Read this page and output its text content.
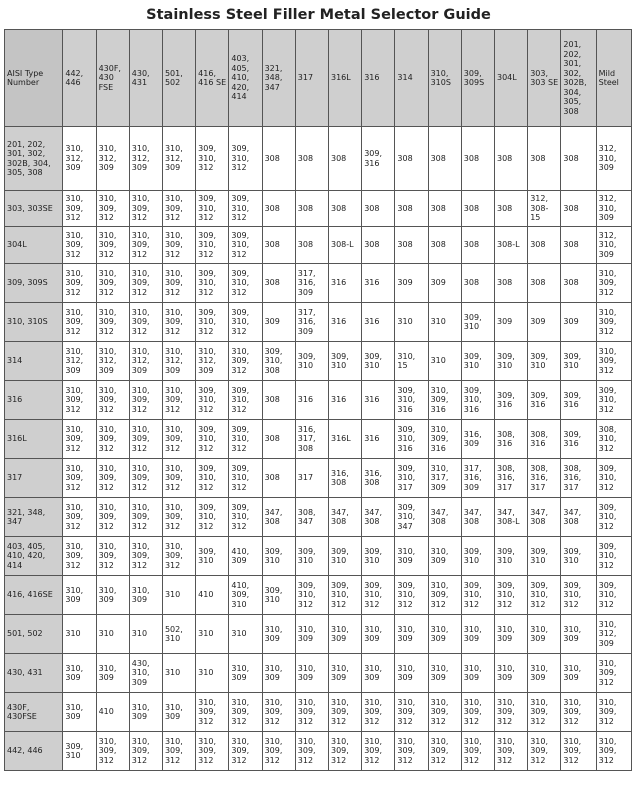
Stainless Steel Filler Metal Selector Guide
AISI Type Number	442, 446	430F, 430 FSE	430, 431	501, 502	416, 416 SE	403, 405, 410, 420, 414	321, 348, 347	317	316L	316	314	310, 310S	309, 309S	304L	303, 303 SE	201, 202, 301, 302, 302B, 304, 305, 308	Mild Steel
201, 202, 301, 302, 302B, 304, 305, 308	310, 312, 309	310, 312, 309	310, 312, 309	310, 312, 309	309, 310, 312	309, 310, 312	308	308	308	309, 316	308	308	308	308	308	308	312, 310, 309
303, 303SE	310, 309, 312	310, 309, 312	310, 309, 312	310, 309, 312	309, 310, 312	309, 310, 312	308	308	308	308	308	308	308	308	312, 308-15	308	312, 310, 309
304L	310, 309, 312	310, 309, 312	310, 309, 312	310, 309, 312	309, 310, 312	309, 310, 312	308	308	308-L	308	308	308	308	308-L	308	308	312, 310, 309
309, 309S	310, 309, 312	310, 309, 312	310, 309, 312	310, 309, 312	309, 310, 312	309, 310, 312	308	317, 316, 309	316	316	309	309	308	308	308	308	310, 309, 312
310, 310S	310, 309, 312	310, 309, 312	310, 309, 312	310, 309, 312	309, 310, 312	309, 310, 312	309	317, 316, 309	316	316	310	310	309, 310	309	309	309	310, 309, 312
314	310, 312, 309	310, 312, 309	310, 312, 309	310, 312, 309	310, 312, 309	310, 309, 312	309, 310, 308	309, 310	309, 310	309, 310	310, 15	310	309, 310	309, 310	309, 310	309, 310	310, 309, 312
316	310, 309, 312	310, 309, 312	310, 309, 312	310, 309, 312	309, 310, 312	309, 310, 312	308	316	316	316	309, 310, 316	310, 309, 316	309, 310, 316	309, 316	309, 316	309, 316	309, 310, 312
316L	310, 309, 312	310, 309, 312	310, 309, 312	310, 309, 312	309, 310, 312	309, 310, 312	308	316, 317, 308	316L	316	309, 310, 316	310, 309, 316	316, 309	308, 316	308, 316	309, 316	308, 310, 312
317	310, 309, 312	310, 309, 312	310, 309, 312	310, 309, 312	309, 310, 312	309, 310, 312	308	317	316, 308	316, 308	309, 310, 317	310, 317, 309	317, 316, 309	308, 316, 317	308, 316, 317	308, 316, 317	309, 310, 312
321, 348, 347	310, 309, 312	310, 309, 312	310, 309, 312	310, 309, 312	309, 310, 312	309, 310, 312	347, 308	308, 347	347, 308	347, 308	309, 310, 347	347, 308	347, 308	347, 308-L	347, 308	347, 308	309, 310, 312
403, 405, 410, 420, 414	310, 309, 312	310, 309, 312	310, 309, 312	310, 309, 312	309, 310	410, 309	309, 310	309, 310	309, 310	309, 310	310, 309	310, 309	309, 310	309, 310	309, 310	309, 310	309, 310, 312
416, 416SE	310, 309	310, 309	310, 309	310	410	410, 309, 310	309, 310	309, 310, 312	309, 310, 312	309, 310, 312	309, 310, 312	310, 309, 312	309, 310, 312	309, 310, 312	309, 310, 312	309, 310, 312	309, 310, 312
501, 502	310	310	310	502, 310	310	310	310, 309	310, 309	310, 309	310, 309	310, 309	310, 309	310, 309	310, 309	310, 309	310, 309	310, 312, 309
430, 431	310, 309	310, 309	430, 310, 309	310	310	310, 309	310, 309	310, 309	310, 309	310, 309	310, 309	310, 309	310, 309	310, 309	310, 309	310, 309	310, 309, 312
430F, 430FSE	310, 309	410	310, 309	310, 309	310, 309, 312	310, 309, 312	310, 309, 312	310, 309, 312	310, 309, 312	310, 309, 312	310, 309, 312	310, 309, 312	310, 309, 312	310, 309, 312	310, 309, 312	310, 309, 312	310, 309, 312
442, 446	309, 310	310, 309, 312	310, 309, 312	310, 309, 312	310, 309, 312	310, 309, 312	310, 309, 312	310, 309, 312	310, 309, 312	310, 309, 312	310, 309, 312	310, 309, 312	310, 309, 312	310, 309, 312	310, 309, 312	310, 309, 312	310, 309, 312
